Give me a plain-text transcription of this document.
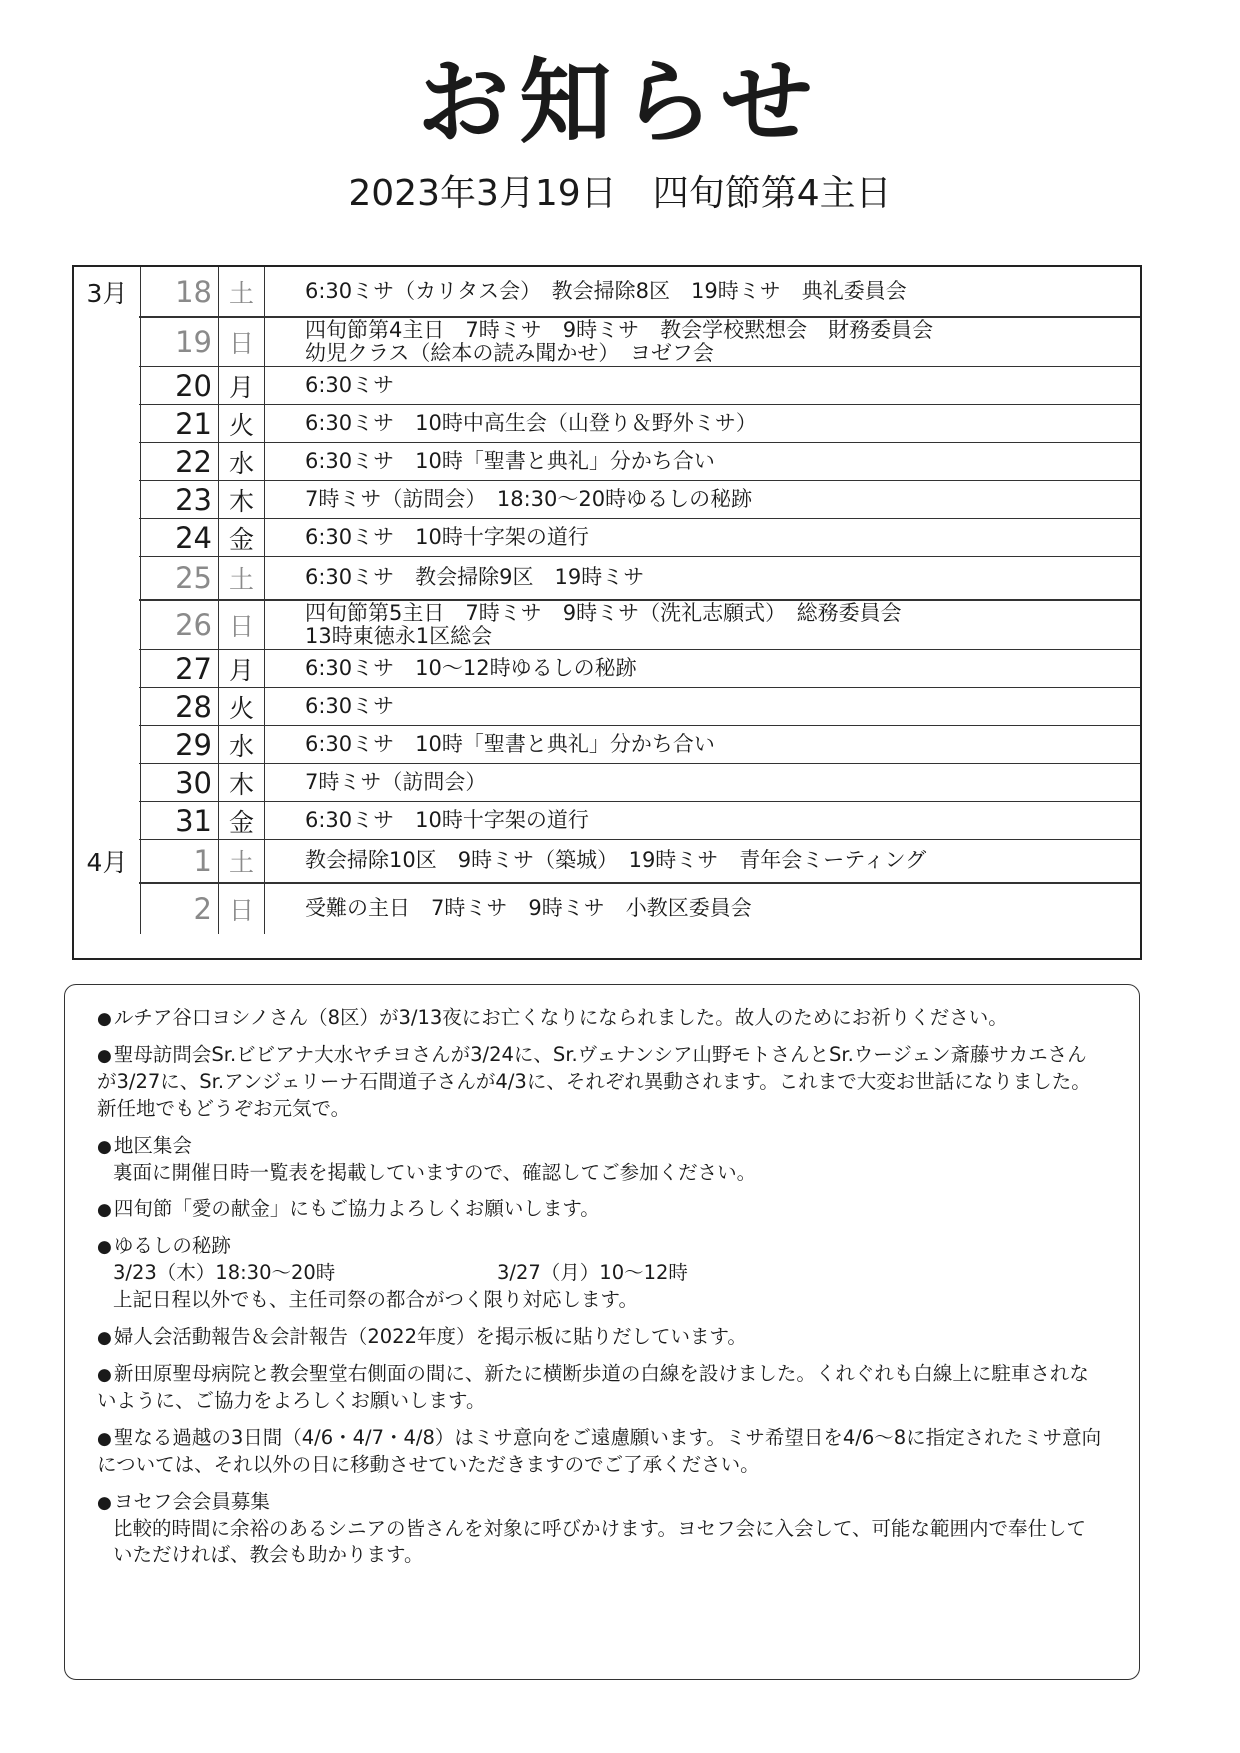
お知らせ
2023年3月19日　四旬節第4主日
3月	18 土	6:30ミサ（カリタス会）　教会掃除8区　19時ミサ　典礼委員会
19 日	四旬節第4主日　7時ミサ　9時ミサ　教会学校黙想会　財務委員会
幼児クラス（絵本の読み聞かせ）　ヨゼフ会
20 月	6:30ミサ
21 火	6:30ミサ　10時中高生会（山登り＆野外ミサ）
22 水	6:30ミサ　10時「聖書と典礼」分かち合い
23 木	7時ミサ（訪問会）　18:30～20時ゆるしの秘跡
24 金	6:30ミサ　10時十字架の道行
25 土	6:30ミサ　教会掃除9区　19時ミサ
26 日	四旬節第5主日　7時ミサ　9時ミサ（洗礼志願式）　総務委員会
13時東徳永1区総会
27 月	6:30ミサ　10～12時ゆるしの秘跡
28 火	6:30ミサ
29 水	6:30ミサ　10時「聖書と典礼」分かち合い
30 木	7時ミサ（訪問会）
31 金	6:30ミサ　10時十字架の道行
4月	1 土	教会掃除10区　9時ミサ（築城）　19時ミサ　青年会ミーティング
2 日	受難の主日　7時ミサ　9時ミサ　小教区委員会
● ルチア谷口ヨシノさん（8区）が3/13夜にお亡くなりになられました。故人のためにお祈りください。
● 聖母訪問会Sr.ビビアナ大水ヤチヨさんが3/24に、Sr.ヴェナンシア山野モトさんとSr.ウージェン斎藤サカエさんが3/27に、Sr.アンジェリーナ石間道子さんが4/3に、それぞれ異動されます。これまで大変お世話になりました。新任地でもどうぞお元気で。
● 地区集会
裏面に開催日時一覧表を掲載していますので、確認してご参加ください。
● 四旬節「愛の献金」にもご協力よろしくお願いします。
● ゆるしの秘跡
3/23（木）18:30～20時	3/27（月）10～12時
上記日程以外でも、主任司祭の都合がつく限り対応します。
● 婦人会活動報告＆会計報告（2022年度）を掲示板に貼りだしています。
● 新田原聖母病院と教会聖堂右側面の間に、新たに横断歩道の白線を設けました。くれぐれも白線上に駐車されないように、ご協力をよろしくお願いします。
● 聖なる過越の3日間（4/6・4/7・4/8）はミサ意向をご遠慮願います。ミサ希望日を4/6～8に指定されたミサ意向については、それ以外の日に移動させていただきますのでご了承ください。
● ヨセフ会会員募集
比較的時間に余裕のあるシニアの皆さんを対象に呼びかけます。ヨセフ会に入会して、可能な範囲内で奉仕していただければ、教会も助かります。
